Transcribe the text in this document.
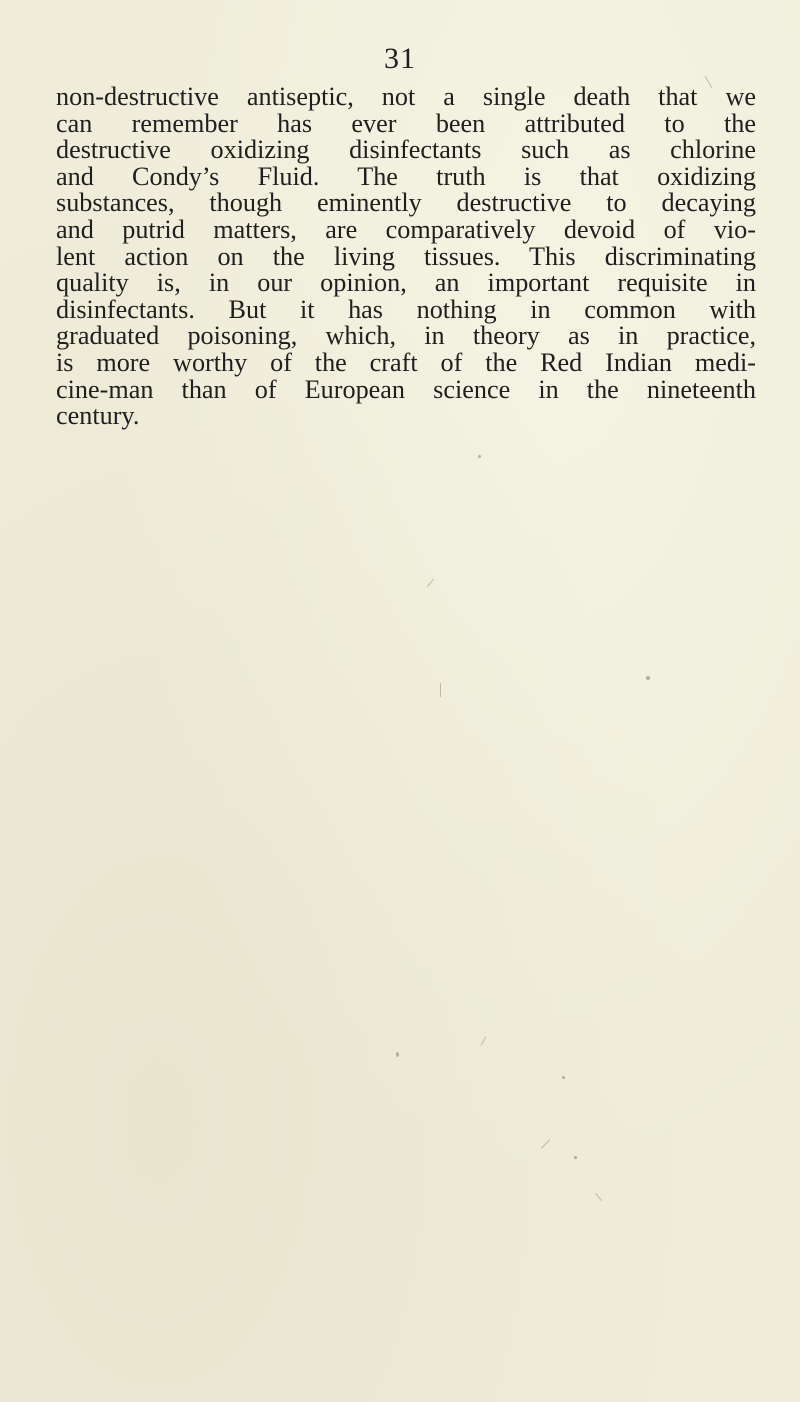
31
non-destructive antiseptic, not a single death that we
can remember has ever been attributed to the
destructive oxidizing disinfectants such as chlorine
and Condy’s Fluid. The truth is that oxidizing
substances, though eminently destructive to decaying
and putrid matters, are comparatively devoid of vio-
lent action on the living tissues. This discriminating
quality is, in our opinion, an important requisite in
disinfectants. But it has nothing in common with
graduated poisoning, which, in theory as in practice,
is more worthy of the craft of the Red Indian medi-
cine-man than of European science in the nineteenth
century.
